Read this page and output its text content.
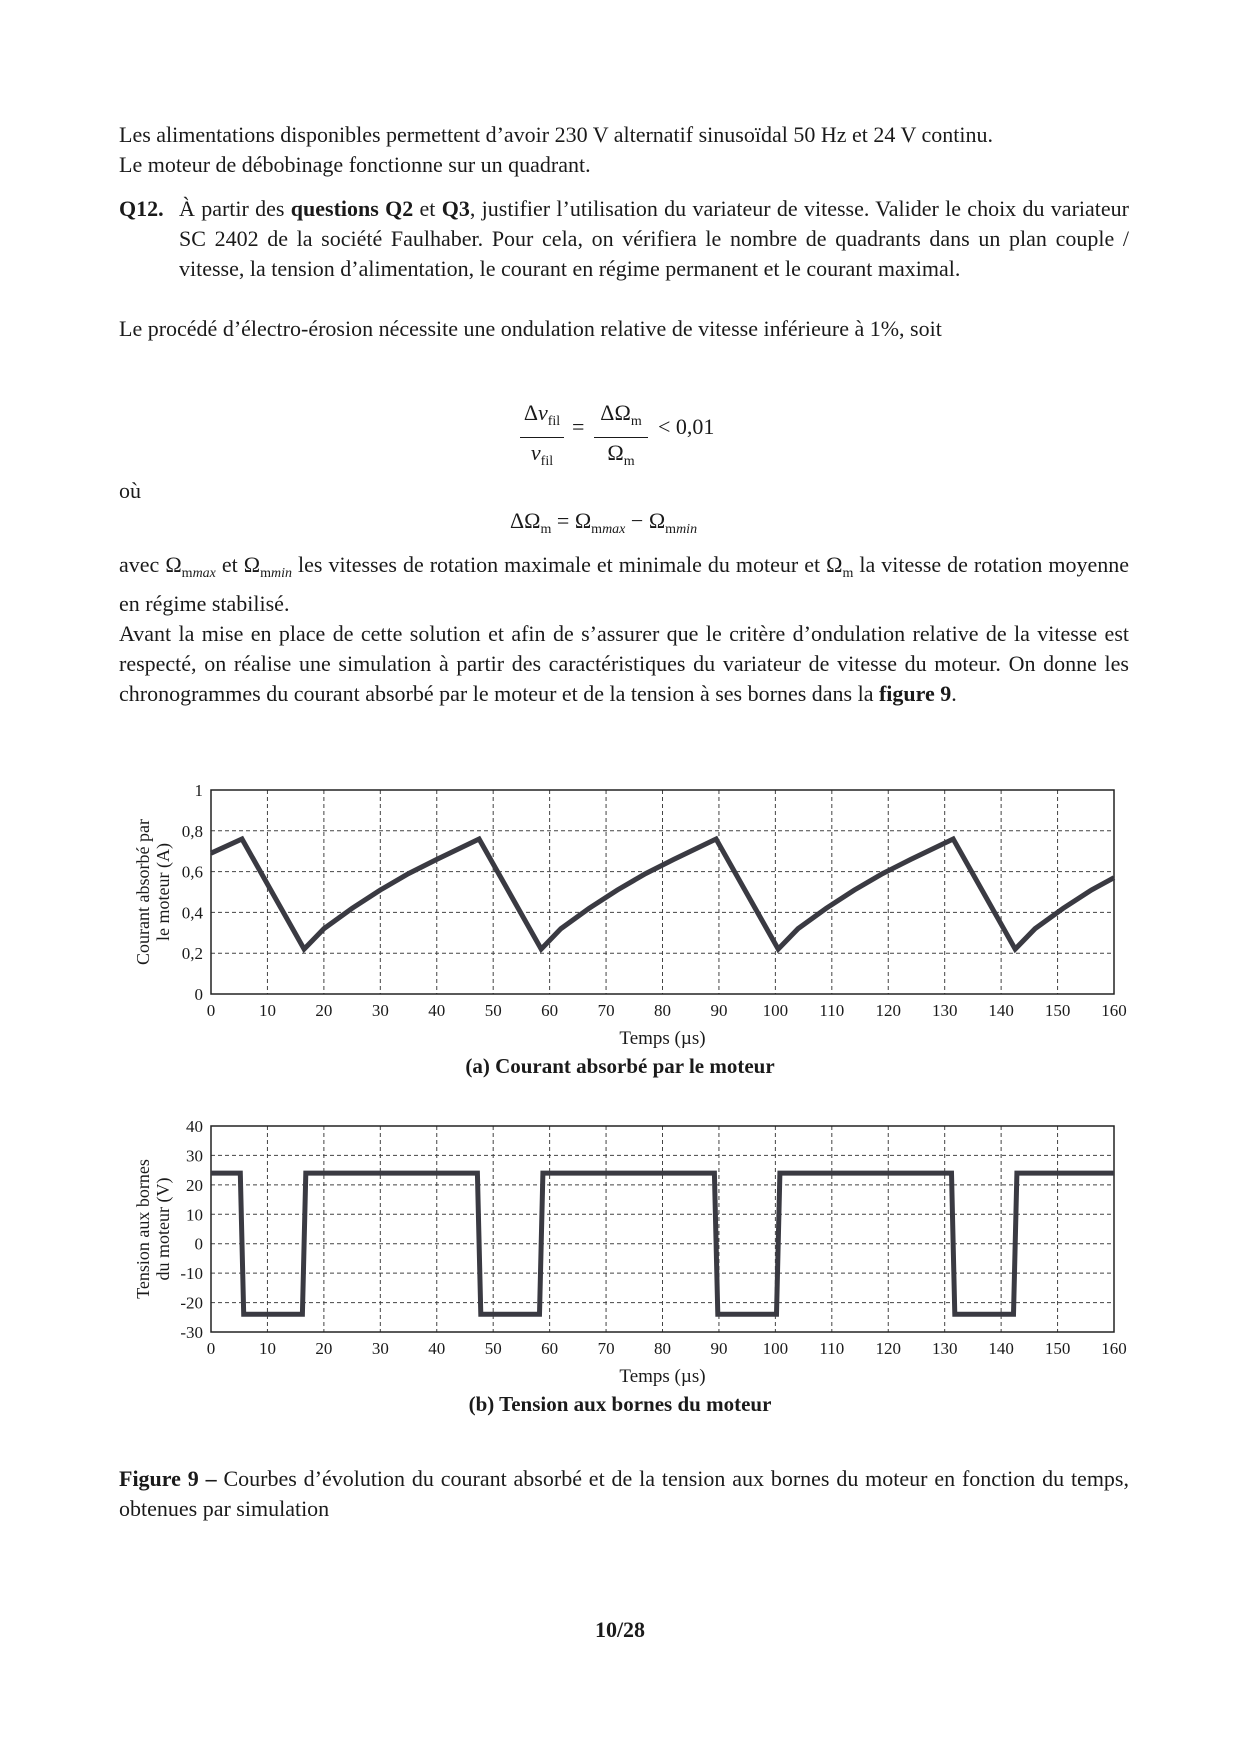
Les alimentations disponibles permettent d’avoir 230 V alternatif sinusoïdal 50 Hz et 24 V continu.
Le moteur de débobinage fonctionne sur un quadrant.

Q12. À partir des questions Q2 et Q3, justifier l’utilisation du variateur de vitesse. Valider le choix du variateur SC 2402 de la société Faulhaber. Pour cela, on vérifiera le nombre de quadrants dans un plan couple / vitesse, la tension d’alimentation, le courant en régime permanent et le courant maximal.

Le procédé d’électro-érosion nécessite une ondulation relative de vitesse inférieure à 1%, soit

$\Delta v_{fil}$
$v_{fil}$
=
$\Delta\Omega_m$
$\Omega_m$
< 0,01
où
$\Delta\Omega_m = \Omega_{mmax} - \Omega_{mmin}$

avec $\Omega_{mmax}$ et $\Omega_{mmin}$ les vitesses de rotation maximale et minimale du moteur et $\Omega_m$ la vitesse de rotation moyenne en régime stabilisé.
Avant la mise en place de cette solution et afin de s’assurer que le critère d’ondulation relative de la vitesse est respecté, on réalise une simulation à partir des caractéristiques du variateur de vitesse du moteur. On donne les chronogrammes du courant absorbé par le moteur et de la tension à ses bornes dans la figure 9.

0	10 20 30 40 50 60 70 80 90 100 110 120 130 140 150 160
0
0,2
0,4
0,6
0,8
1
Temps (µs)
Courant absorbé par le moteur (A)
(a) Courant absorbé par le moteur
0	10 20 30 40 50 60 70 80 90 100 110 120 130 140 150 160
-30
-20
-10
0
10
20
30
40
Temps (µs)
Tension aux bornes du moteur (V)
(b) Tension aux bornes du moteur
Figure 9 – Courbes d’évolution du courant absorbé et de la tension aux bornes du moteur en fonction du temps, obtenues par simulation
10/28
